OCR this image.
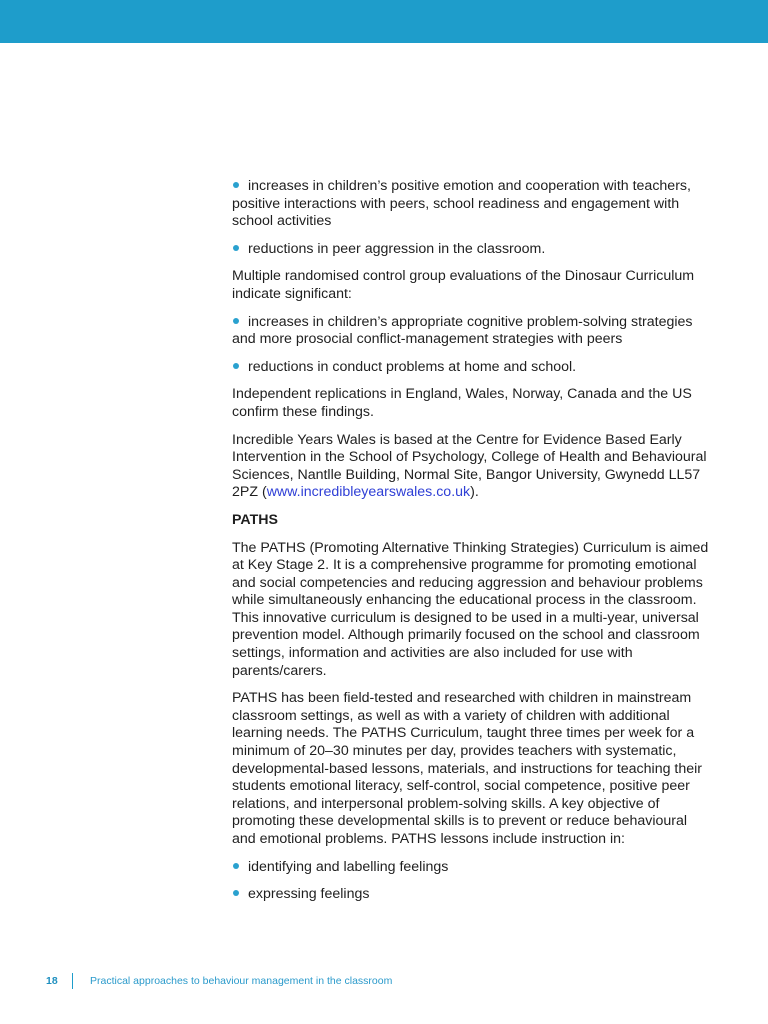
increases in children’s positive emotion and cooperation with teachers, positive interactions with peers, school readiness and engagement with school activities

reductions in peer aggression in the classroom.

Multiple randomised control group evaluations of the Dinosaur Curriculum indicate significant:

increases in children’s appropriate cognitive problem-solving strategies and more prosocial conflict-management strategies with peers

reductions in conduct problems at home and school.

Independent replications in England, Wales, Norway, Canada and the US confirm these findings.

Incredible Years Wales is based at the Centre for Evidence Based Early Intervention in the School of Psychology, College of Health and Behavioural Sciences, Nantlle Building, Normal Site, Bangor University, Gwynedd LL57 2PZ (www.incredibleyearswales.co.uk).

PATHS

The PATHS (Promoting Alternative Thinking Strategies) Curriculum is aimed at Key Stage 2. It is a comprehensive programme for promoting emotional and social competencies and reducing aggression and behaviour problems while simultaneously enhancing the educational process in the classroom. This innovative curriculum is designed to be used in a multi-year, universal prevention model. Although primarily focused on the school and classroom settings, information and activities are also included for use with parents/carers.

PATHS has been field-tested and researched with children in mainstream classroom settings, as well as with a variety of children with additional learning needs. The PATHS Curriculum, taught three times per week for a minimum of 20–30 minutes per day, provides teachers with systematic, developmental-based lessons, materials, and instructions for teaching their students emotional literacy, self-control, social competence, positive peer relations, and interpersonal problem-solving skills. A key objective of promoting these developmental skills is to prevent or reduce behavioural and emotional problems. PATHS lessons include instruction in:

identifying and labelling feelings

expressing feelings

18	Practical approaches to behaviour management in the classroom
